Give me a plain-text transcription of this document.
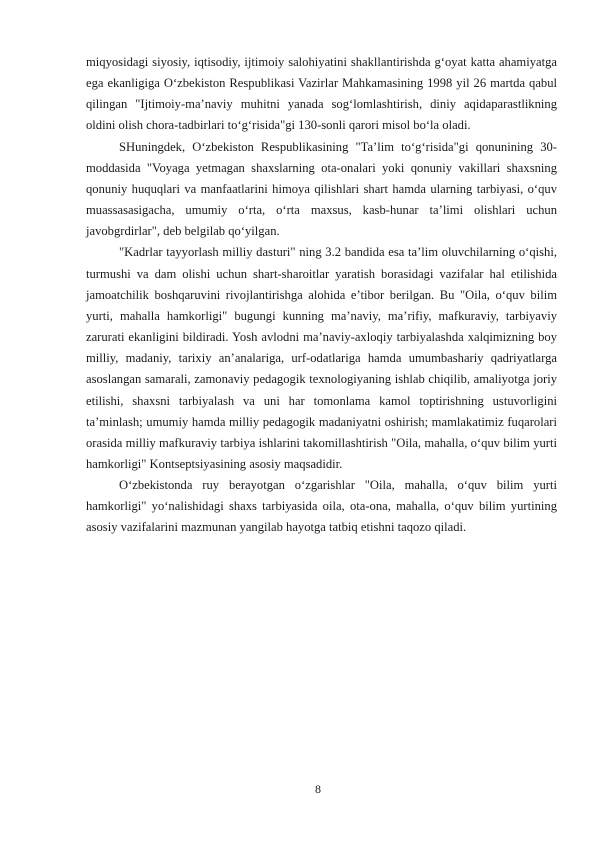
miqyosidagi siyosiy, iqtisodiy, ijtimoiy salohiyatini shakllantirishda g‘oyat katta ahamiyatga ega ekanligiga O‘zbekiston Respublikasi Vazirlar Mahkamasining 1998 yil 26 martda qabul qilingan "Ijtimoiy-ma’naviy muhitni yanada sog‘lomlashtirish, diniy aqidaparastlikning oldini olish chora-tadbirlari to‘g‘risida"gi 130-sonli qarori misol bo‘la oladi.

SHuningdek, O‘zbekiston Respublikasining "Ta’lim to‘g‘risida"gi qonunining 30-moddasida "Voyaga yetmagan shaxslarning ota-onalari yoki qonuniy vakillari shaxsning qonuniy huquqlari va manfaatlarini himoya qilishlari shart hamda ularning tarbiyasi, o‘quv muassasasigacha, umumiy o‘rta, o‘rta maxsus, kasb-hunar ta’limi olishlari uchun javobgrdirlar", deb belgilab qo‘yilgan.

"Kadrlar tayyorlash milliy dasturi" ning 3.2 bandida esa ta’lim oluvchilarning o‘qishi, turmushi va dam olishi uchun shart-sharoitlar yaratish borasidagi vazifalar hal etilishida jamoatchilik boshqaruvini rivojlantirishga alohida e’tibor berilgan. Bu "Oila, o‘quv bilim yurti, mahalla hamkorligi" bugungi kunning ma’naviy, ma’rifiy, mafkuraviy, tarbiyaviy zarurati ekanligini bildiradi. Yosh avlodni ma’naviy-axloqiy tarbiyalashda xalqimizning boy milliy, madaniy, tarixiy an’analariga, urf-odatlariga hamda umumbashariy qadriyatlarga asoslangan samarali, zamonaviy pedagogik texnologiyaning ishlab chiqilib, amaliyotga joriy etilishi, shaxsni tarbiyalash va uni har tomonlama kamol toptirishning ustuvorligini ta’minlash; umumiy hamda milliy pedagogik madaniyatni oshirish; mamlakatimiz fuqarolari orasida milliy mafkuraviy tarbiya ishlarini takomillashtirish "Oila, mahalla, o‘quv bilim yurti hamkorligi" Kontseptsiyasining asosiy maqsadidir.

O‘zbekistonda ruy berayotgan o‘zgarishlar "Oila, mahalla, o‘quv bilim yurti hamkorligi" yo‘nalishidagi shaxs tarbiyasida oila, ota-ona, mahalla, o‘quv bilim yurtining asosiy vazifalarini mazmunan yangilab hayotga tatbiq etishni taqozo qiladi.

8
